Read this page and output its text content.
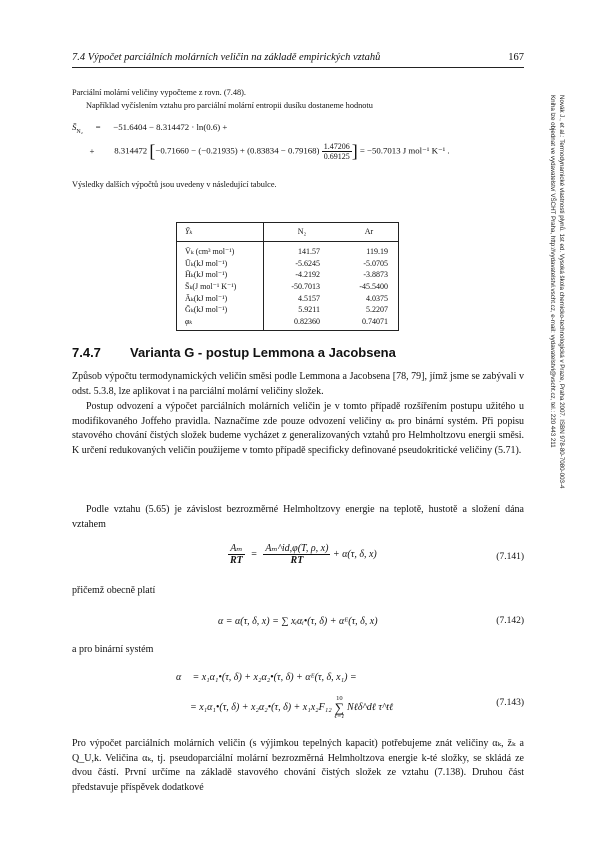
7.4 Výpočet parciálních molárních veličin na základě empirických vztahů	167
Novák J., et al.: Termodynamické vlastnosti plynů. 1st ed. Vysoká škola chemicko-technologická v Praze, Praha 2007. ISBN 978-80-7080-003-4
Kniha lze objednat ve vydavatelství VŠCHT Praha, http://vydavatelstvi.vscht.cz, e-mail: vydavatelstvi@vscht.cz, tel.: 220 443 211
Parciální molární veličiny vypočteme z rovn. (7.48).
Například vyčíslením vztahu pro parciální molární entropii dusíku dostaneme hodnotu
$S̄_{N_2} = -51.6404 - 8.314472 \cdot \ln(0.6)$ +
+ 8.314472 [$-0.71660 - (-0.21935) + (0.83834 - 0.79168) \frac{1.47206}{0.69125}$ ] = −50.7013 J mol⁻¹ K⁻¹ .
Výsledky dalších výpočtů jsou uvedeny v následující tabulce.
Ȳₖ	N₂	Ar
V̄ₖ (cm³ mol⁻¹)	141.57	119.19
Ūₖ(kJ mol⁻¹)	-5.6245	-5.0705
H̄ₖ(kJ mol⁻¹)	-4.2192	-3.8873
S̄ₖ(J mol⁻¹ K⁻¹)	-50.7013	-45.5400
Āₖ(kJ mol⁻¹)	4.5157	4.0375
Ḡₖ(kJ mol⁻¹)	5.9211	5.2207
φₖ	0.82360	0.74071
7.4.7 Varianta G - postup Lemmona a Jacobsena
Způsob výpočtu termodynamických veličin směsi podle Lemmona a Jacobsena [78, 79], jímž jsme se zabývali v odst. 5.3.8, lze aplikovat i na parciální molární veličiny složek.
Postup odvození a výpočet parciálních molárních veličin je v tomto případě rozšířením postupu užitého u modifikovaného Joffeho pravidla. Naznačíme zde pouze odvození veličiny αₖ pro binární systém. Při popisu stavového chování čistých složek budeme vycházet z generalizovaných vztahů pro Helmholtzovu energii směsi. K určení redukovaných veličin použijeme v tomto případě specificky definované pseudokritické veličiny (5.71).
Podle vztahu (5.65) je závislost bezrozměrné Helmholtzovy energie na teplotě, hustotě a složení dána vztahem
$\frac{\text{Aₘ}}{RT} = \frac{\text{Aₘ\textasciicircum{}id,φ(T, ρ, x)}}{RT} + \alpha(\tau$, δ, x)	(7.141)
přičemž obecně platí
α = α(τ, δ, x) = ∑ xᵢαᵢ•(τ, δ) + αᴱ(τ, δ, x)	(7.142)
a pro binární systém
α = x₁α₁•(τ, δ) + x₂α₂•(τ, δ) + αᴱ(τ, δ, x₁) =
= x₁α₁•(τ, δ) + x₂α₂•(τ, δ) + x₁x₂F₁₂
10
∑
ℓ=1
Nℓδ^dℓ τ^tℓ	(7.143)
Pro výpočet parciálních molárních veličin (s výjimkou tepelných kapacit) potřebujeme znát veličiny αₖ, z̄ₖ a Q_U,k. Veličina αₖ, tj. pseudoparciální molární bezrozměrná Helmholtzova energie k-té složky, se skládá ze dvou částí. První určíme na základě stavového chování čistých složek ze vztahu (7.138). Druhou část představuje příspěvek dodatkové
